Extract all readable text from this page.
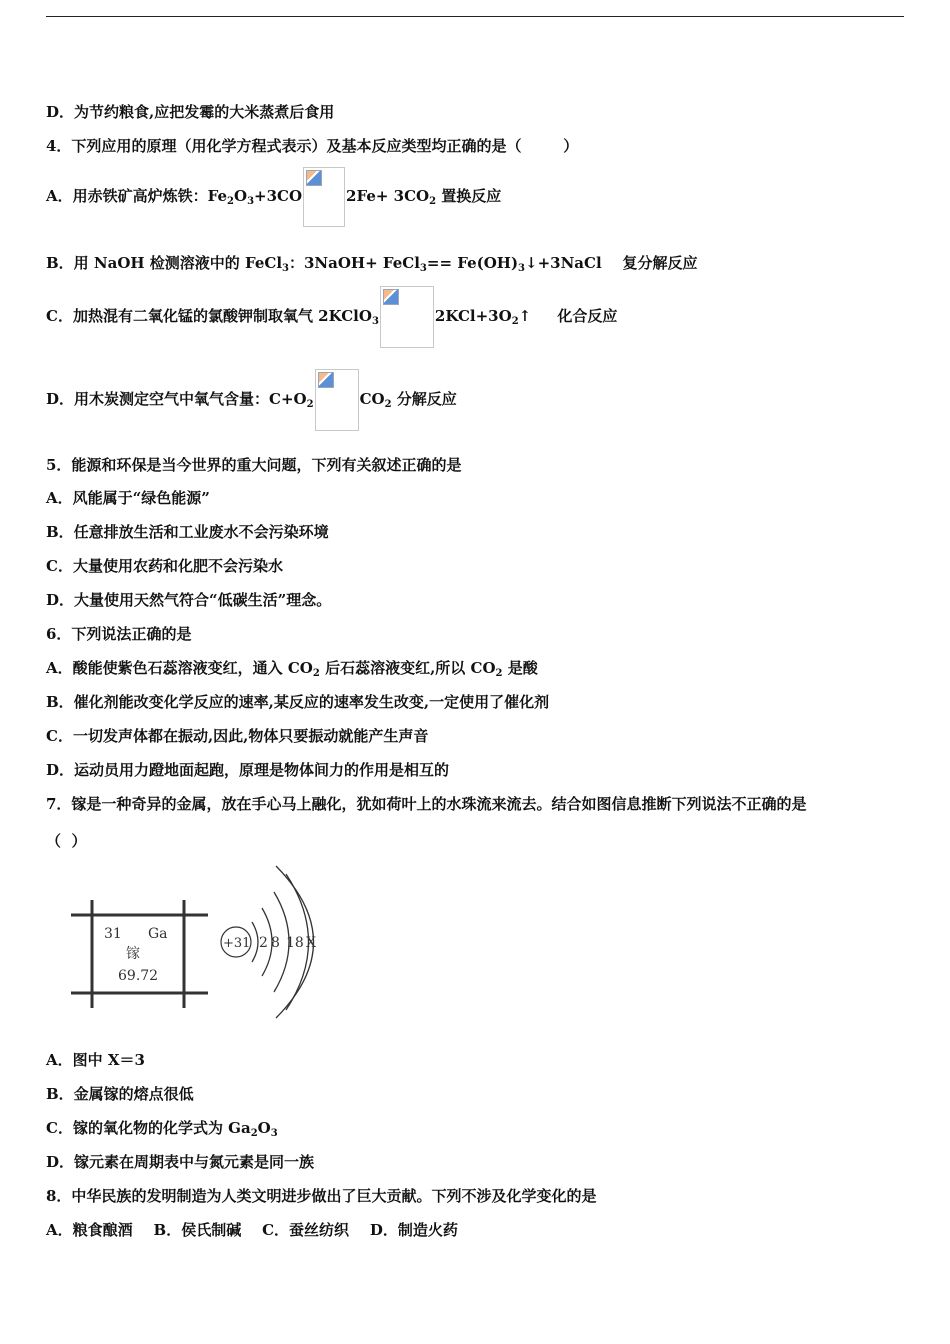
D．为节约粮食,应把发霉的大米蒸煮后食用
4．下列应用的原理（用化学方程式表示）及基本反应类型均正确的是（        ）
A．用赤铁矿高炉炼铁：$Fe_2O_3+3CO$	$2Fe+ 3CO_2$ 置换反应
B．用 NaOH 检测溶液中的 FeCl$_3$：3NaOH+ FeCl$_3$== $Fe(OH)_3↓+3NaCl$    复分解反应
C．加热混有二氧化锰的氯酸钾制取氧气 2KClO$_3$	$2KCl+3O_2↑$     化合反应
D．用木炭测定空气中氧气含量：$C+O_2$	$CO_2$ 分解反应
5．能源和环保是当今世界的重大问题，下列有关叙述正确的是
A．风能属于“绿色能源”
B．任意排放生活和工业废水不会污染环境
C．大量使用农药和化肥不会污染水
D．大量使用天然气符合“低碳生活”理念。
6．下列说法正确的是
A．酸能使紫色石蕊溶液变红，通入 $CO_2$ 后石蕊溶液变红,所以 $CO_2$ 是酸
B．催化剂能改变化学反应的速率,某反应的速率发生改变,一定使用了催化剂
C．一切发声体都在振动,因此,物体只要振动就能产生声音
D．运动员用力蹬地面起跑，原理是物体间力的作用是相互的
7．镓是一种奇异的金属，放在手心马上融化，犹如荷叶上的水珠流来流去。结合如图信息推断下列说法不正确的是
（  ）
31 Ga
镓
69.72
+31 2 8 18 X
A．图中 X＝3
B．金属镓的熔点很低
C．镓的氧化物的化学式为 $Ga_2O_3$
D．镓元素在周期表中与氮元素是同一族
8．中华民族的发明制造为人类文明进步做出了巨大贡献。下列不涉及化学变化的是
A．粮食酿酒    B．侯氏制碱    C．蚕丝纺织    D．制造火药
